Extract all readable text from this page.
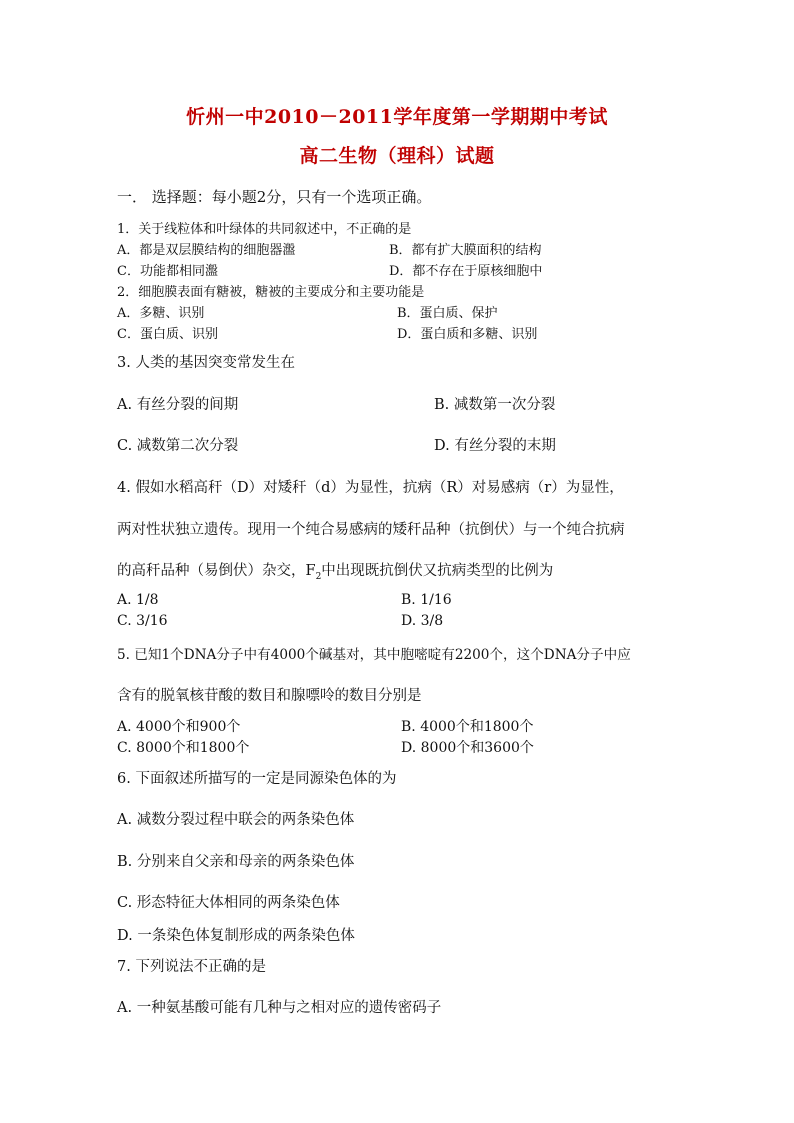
忻州一中2010－2011学年度第一学期期中考试
高二生物（理科）试题
一． 选择题：每小题2分，只有一个选项正确。
1．关于线粒体和叶绿体的共同叙述中，不正确的是
A．都是双层膜结构的细胞器瀊	B．都有扩大膜面积的结构
C．功能都相同瀊	D．都不存在于原核细胞中
2．细胞膜表面有糖被，糖被的主要成分和主要功能是
A．多糖、识别	B．蛋白质、保护
C．蛋白质、识别	D．蛋白质和多糖、识别
3. 人类的基因突变常发生在
A. 有丝分裂的间期	B. 减数第一次分裂
C. 减数第二次分裂	D. 有丝分裂的末期
4. 假如水稻高秆（D）对矮秆（d）为显性，抗病（R）对易感病（r）为显性，
两对性状独立遗传。现用一个纯合易感病的矮秆品种（抗倒伏）与一个纯合抗病
的高秆品种（易倒伏）杂交，$F_2$中出现既抗倒伏又抗病类型的比例为
A. 1/8	B. 1/16
C. 3/16	D. 3/8
5. 已知1个DNA分子中有4000个碱基对，其中胞嘧啶有2200个，这个DNA分子中应
含有的脱氧核苷酸的数目和腺嘌呤的数目分别是
A. 4000个和900个	B. 4000个和1800个
C. 8000个和1800个	D. 8000个和3600个
6. 下面叙述所描写的一定是同源染色体的为
A. 减数分裂过程中联会的两条染色体
B. 分别来自父亲和母亲的两条染色体
C. 形态特征大体相同的两条染色体
D. 一条染色体复制形成的两条染色体
7. 下列说法不正确的是
A. 一种氨基酸可能有几种与之相对应的遗传密码子
